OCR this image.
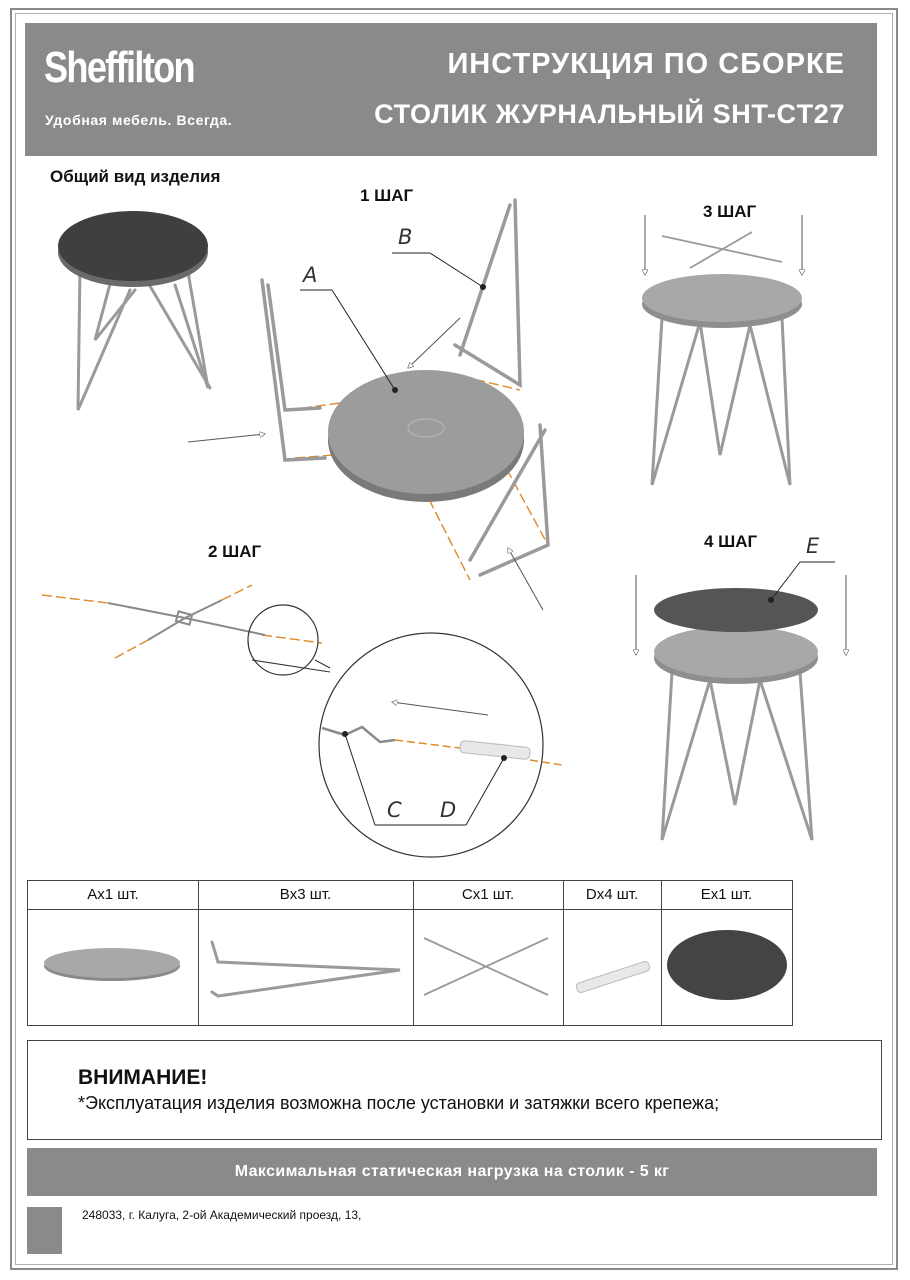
Sheffilton
Удобная мебель. Всегда.
ИНСТРУКЦИЯ ПО СБОРКЕ
СТОЛИК ЖУРНАЛЬНЫЙ SHT-CT27
Общий вид изделия
1 ШАГ
2 ШАГ
3 ШАГ
4 ШАГ
A
B
C D
E
Ax1 шт.	Bx3 шт.	Cx1 шт.	Dx4 шт.	Ex1 шт.
ВНИМАНИЕ!
*Эксплуатация изделия возможна после установки и затяжки всего крепежа;
Максимальная статическая нагрузка на столик - 5 кг
248033, г. Калуга, 2-ой Академический проезд, 13,
